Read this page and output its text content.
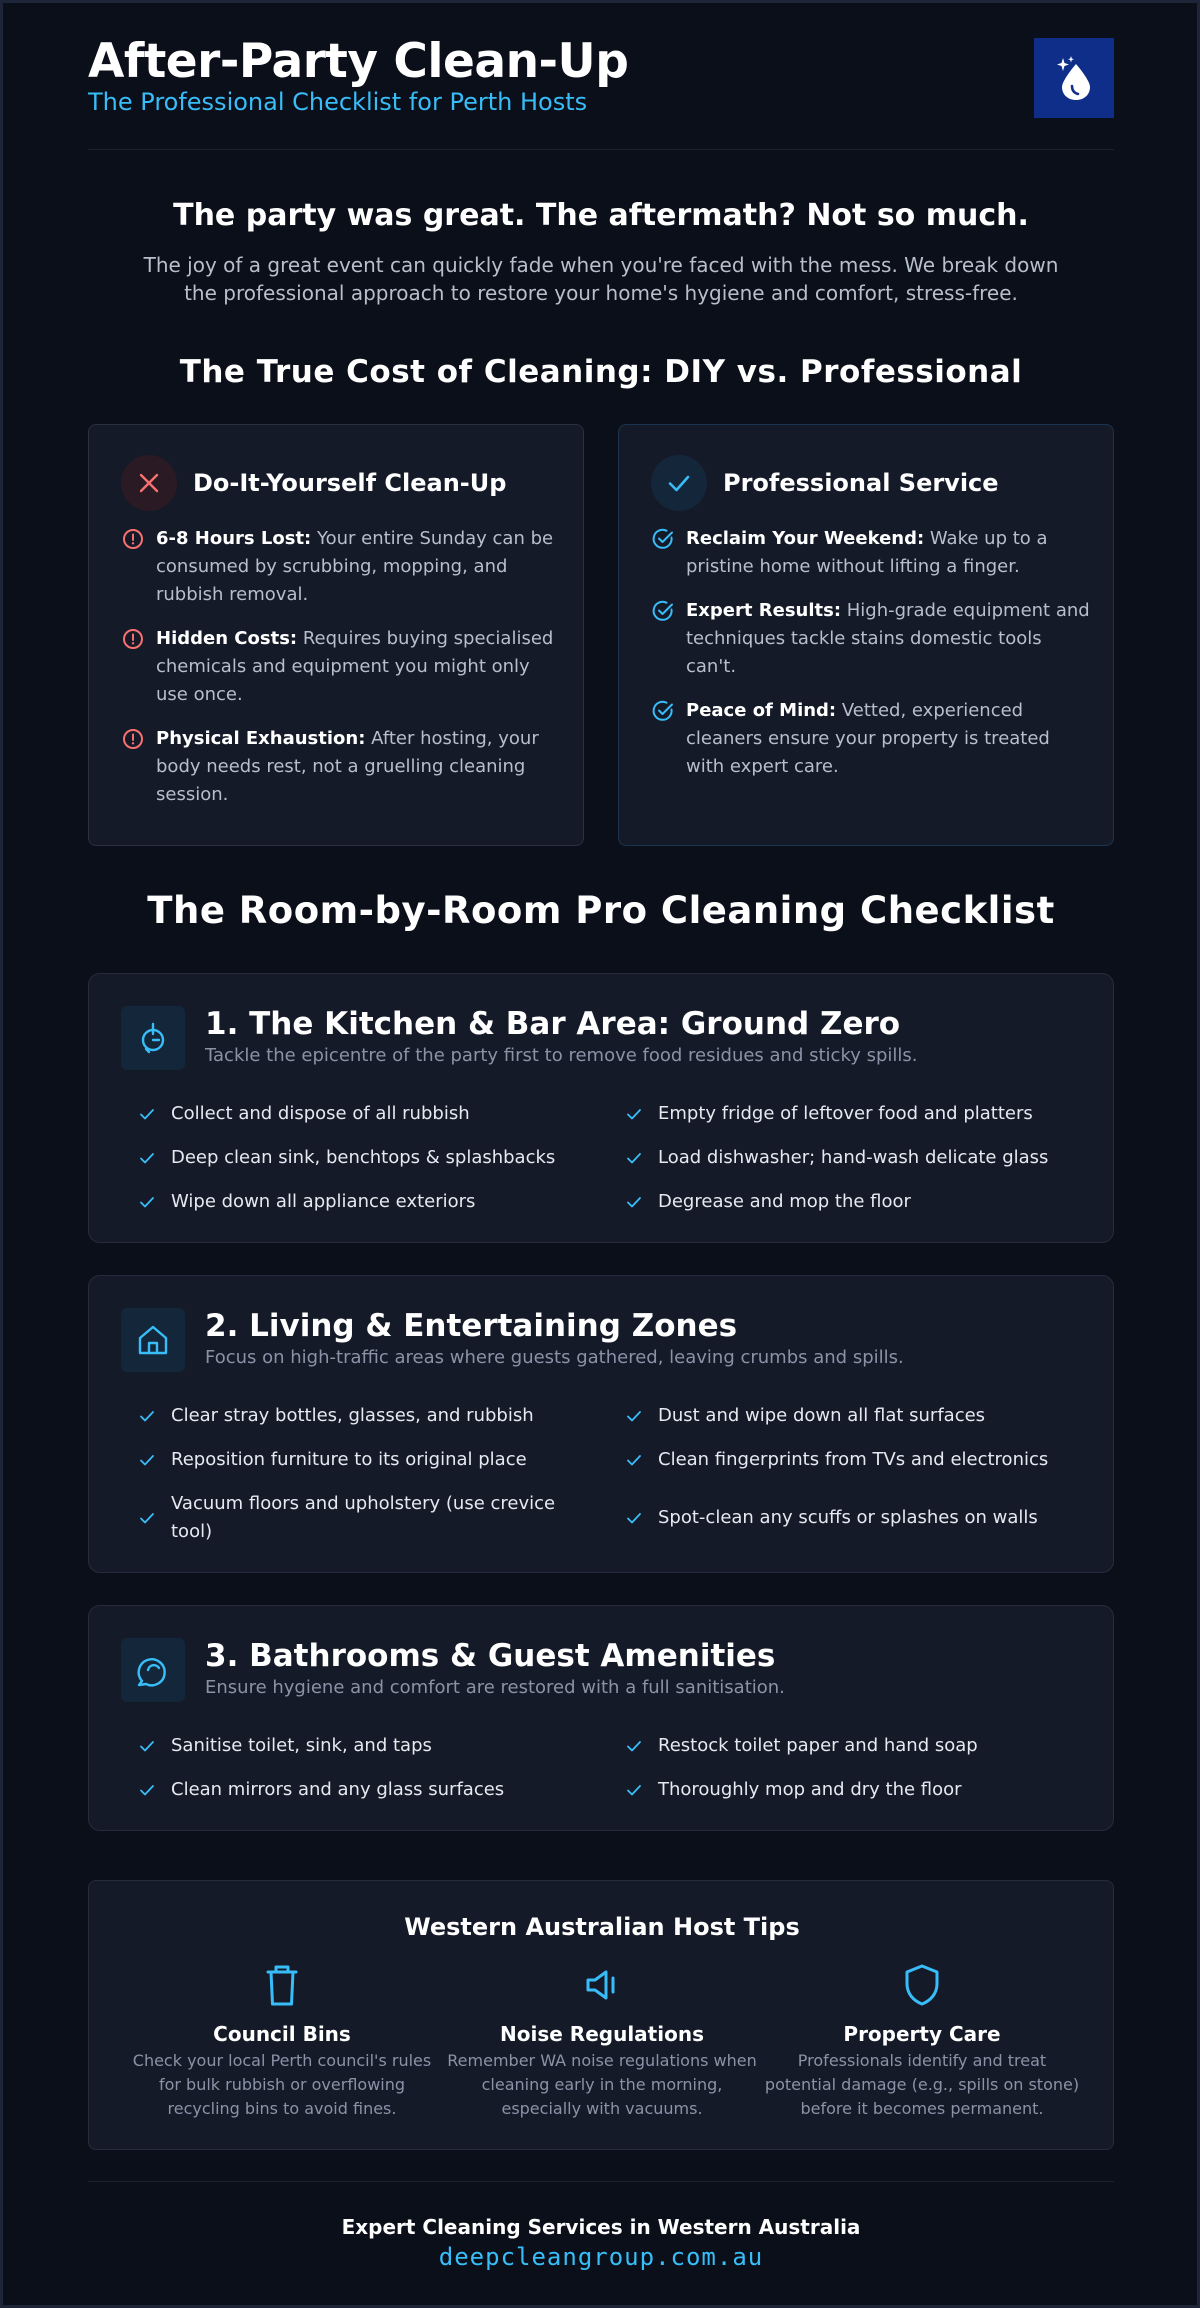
After-Party Clean-Up
The Professional Checklist for Perth Hosts
The party was great. The aftermath? Not so much.
The joy of a great event can quickly fade when you're faced with the mess. We break down the professional approach to restore your home's hygiene and comfort, stress-free.
The True Cost of Cleaning: DIY vs. Professional
Do-It-Yourself Clean-Up
6-8 Hours Lost: Your entire Sunday can be consumed by scrubbing, mopping, and rubbish removal.
Hidden Costs: Requires buying specialised chemicals and equipment you might only use once.
Physical Exhaustion: After hosting, your body needs rest, not a gruelling cleaning session.
Professional Service
Reclaim Your Weekend: Wake up to a pristine home without lifting a finger.
Expert Results: High-grade equipment and techniques tackle stains domestic tools can't.
Peace of Mind: Vetted, experienced cleaners ensure your property is treated with expert care.
The Room-by-Room Pro Cleaning Checklist
1. The Kitchen & Bar Area: Ground Zero
Tackle the epicentre of the party first to remove food residues and sticky spills.
Collect and dispose of all rubbish	Empty fridge of leftover food and platters
Deep clean sink, benchtops & splashbacks	Load dishwasher; hand-wash delicate glass
Wipe down all appliance exteriors	Degrease and mop the floor
2. Living & Entertaining Zones
Focus on high-traffic areas where guests gathered, leaving crumbs and spills.
Clear stray bottles, glasses, and rubbish	Dust and wipe down all flat surfaces
Reposition furniture to its original place	Clean fingerprints from TVs and electronics
Vacuum floors and upholstery (use crevice tool)
Spot-clean any scuffs or splashes on walls
3. Bathrooms & Guest Amenities
Ensure hygiene and comfort are restored with a full sanitisation.
Sanitise toilet, sink, and taps	Restock toilet paper and hand soap
Clean mirrors and any glass surfaces	Thoroughly mop and dry the floor
Western Australian Host Tips
Council Bins
Check your local Perth council's rules for bulk rubbish or overflowing recycling bins to avoid fines.
Noise Regulations
Remember WA noise regulations when cleaning early in the morning, especially with vacuums.
Property Care
Professionals identify and treat potential damage (e.g., spills on stone) before it becomes permanent.
Expert Cleaning Services in Western Australia
deepcleangroup.com.au
